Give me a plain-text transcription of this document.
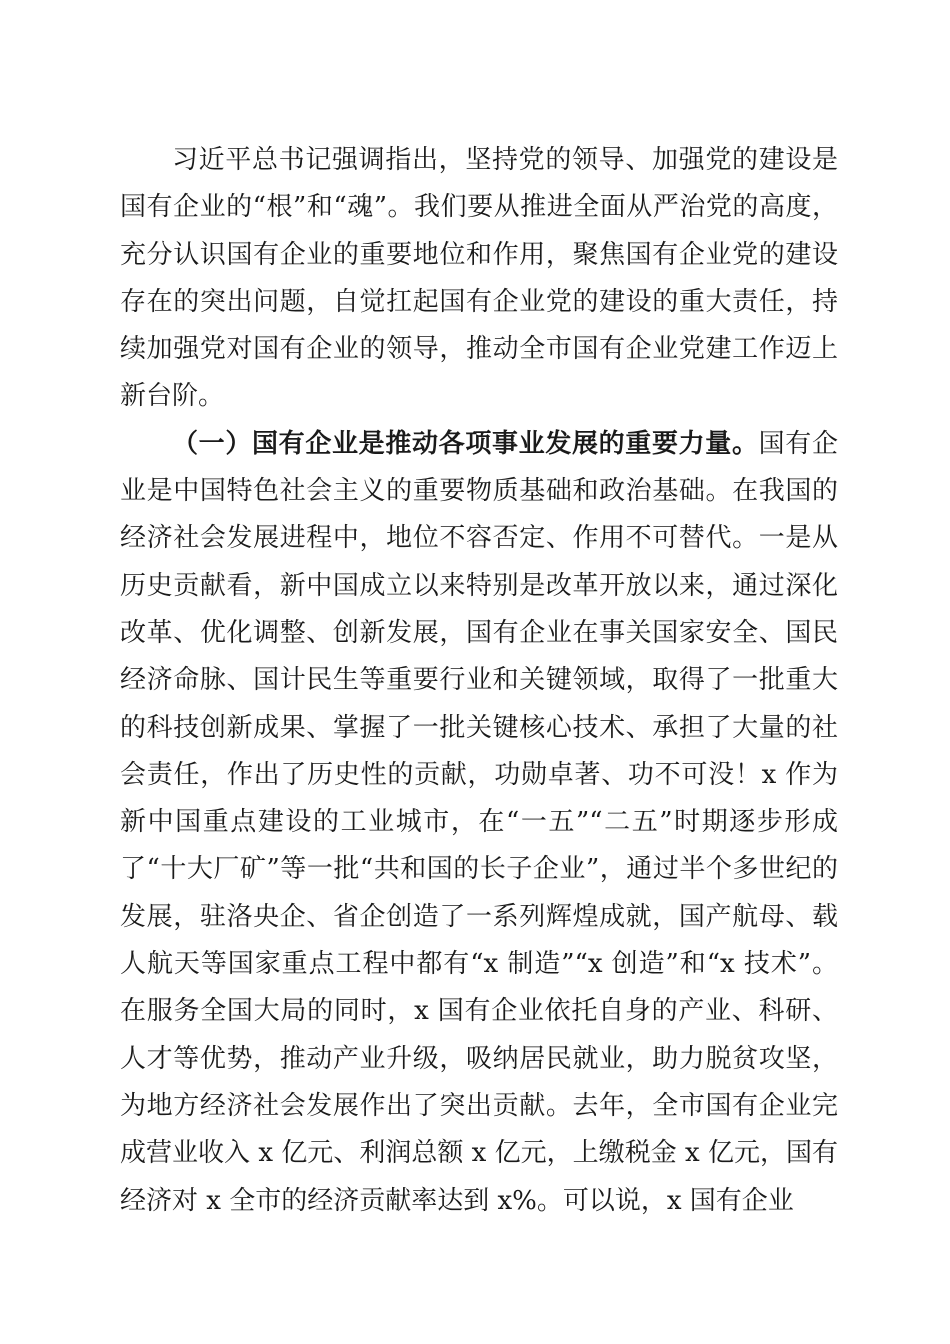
习近平总书记强调指出，坚持党的领导、加强党的建设是国有企业的“根”和“魂”。我们要从推进全面从严治党的高度，充分认识国有企业的重要地位和作用，聚焦国有企业党的建设存在的突出问题，自觉扛起国有企业党的建设的重大责任，持续加强党对国有企业的领导，推动全市国有企业党建工作迈上新台阶。

（一）国有企业是推动各项事业发展的重要力量。国有企业是中国特色社会主义的重要物质基础和政治基础。在我国的经济社会发展进程中，地位不容否定、作用不可替代。一是从历史贡献看，新中国成立以来特别是改革开放以来，通过深化改革、优化调整、创新发展，国有企业在事关国家安全、国民经济命脉、国计民生等重要行业和关键领域，取得了一批重大的科技创新成果、掌握了一批关键核心技术、承担了大量的社会责任，作出了历史性的贡献，功勋卓著、功不可没！x 作为新中国重点建设的工业城市，在“一五”“二五”时期逐步形成了“十大厂矿”等一批“共和国的长子企业”，通过半个多世纪的发展，驻洛央企、省企创造了一系列辉煌成就，国产航母、载人航天等国家重点工程中都有“x 制造”“x 创造”和“x 技术”。在服务全国大局的同时，x 国有企业依托自身的产业、科研、人才等优势，推动产业升级，吸纳居民就业，助力脱贫攻坚，为地方经济社会发展作出了突出贡献。去年，全市国有企业完成营业收入 x 亿元、利润总额 x 亿元，上缴税金 x 亿元，国有经济对 x 全市的经济贡献率达到 x%。可以说，x 国有企业
